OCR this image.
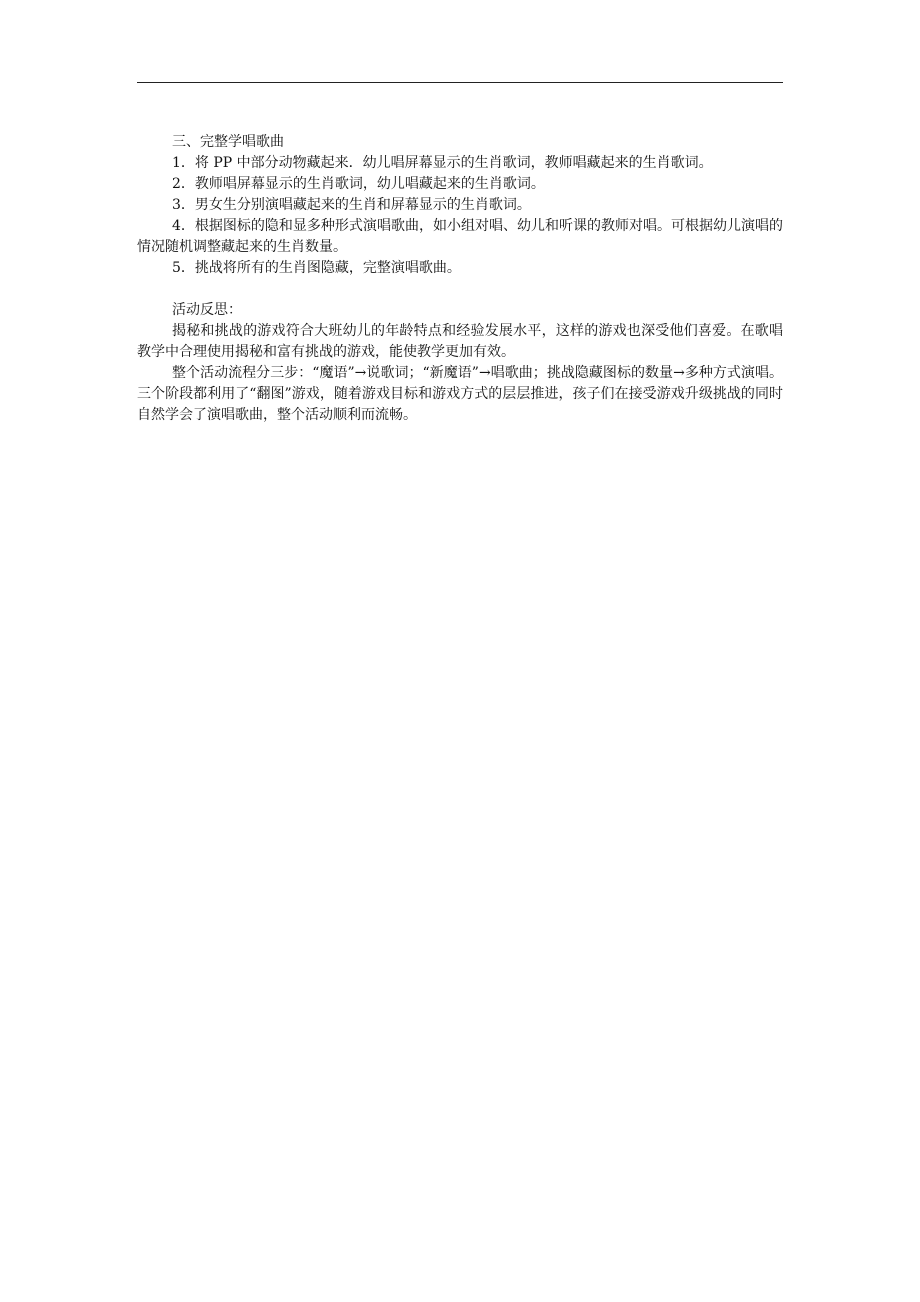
三、完整学唱歌曲

1．将 PP 中部分动物藏起来．幼儿唱屏幕显示的生肖歌词，教师唱藏起来的生肖歌词。

2．教师唱屏幕显示的生肖歌词，幼儿唱藏起来的生肖歌词。

3．男女生分别演唱藏起来的生肖和屏幕显示的生肖歌词。

4．根据图标的隐和显多种形式演唱歌曲，如小组对唱、幼儿和听课的教师对唱。可根据幼儿演唱的情况随机调整藏起来的生肖数量。

5．挑战将所有的生肖图隐藏，完整演唱歌曲。

活动反思：

揭秘和挑战的游戏符合大班幼儿的年龄特点和经验发展水平，这样的游戏也深受他们喜爱。在歌唱教学中合理使用揭秘和富有挑战的游戏，能使教学更加有效。

整个活动流程分三步：“魔语”→说歌词；“新魔语”→唱歌曲；挑战隐藏图标的数量→多种方式演唱。三个阶段都利用了“翻图”游戏，随着游戏目标和游戏方式的层层推进，孩子们在接受游戏升级挑战的同时自然学会了演唱歌曲，整个活动顺利而流畅。
